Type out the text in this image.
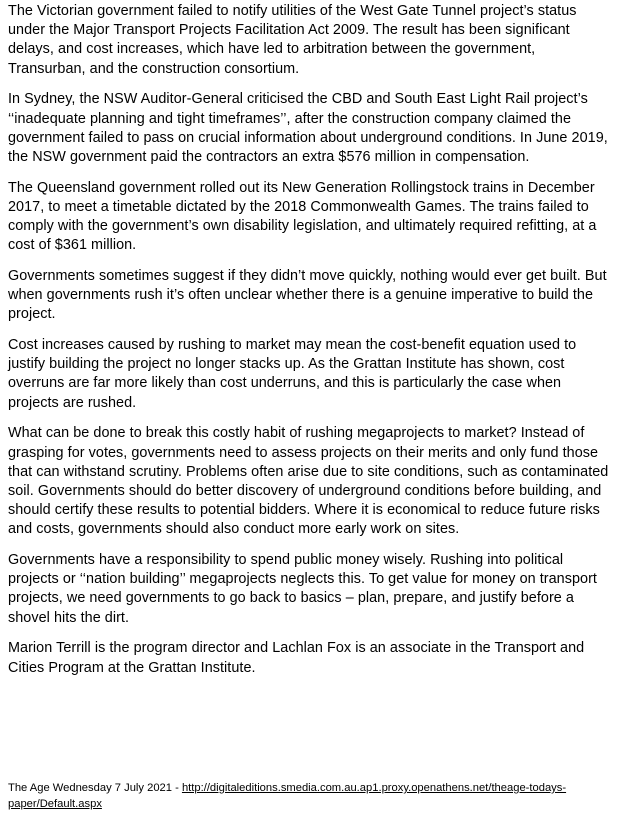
The Victorian government failed to notify utilities of the West Gate Tunnel project’s status under the Major Transport Projects Facilitation Act 2009. The result has been significant delays, and cost increases, which have led to arbitration between the government, Transurban, and the construction consortium.

In Sydney, the NSW Auditor-General criticised the CBD and South East Light Rail project’s ‘‘inadequate planning and tight timeframes’’, after the construction company claimed the government failed to pass on crucial information about underground conditions. In June 2019, the NSW government paid the contractors an extra $576 million in compensation.

The Queensland government rolled out its New Generation Rollingstock trains in December 2017, to meet a timetable dictated by the 2018 Commonwealth Games. The trains failed to comply with the government’s own disability legislation, and ultimately required refitting, at a cost of $361 million.

Governments sometimes suggest if they didn’t move quickly, nothing would ever get built. But when governments rush it’s often unclear whether there is a genuine imperative to build the project.

Cost increases caused by rushing to market may mean the cost-benefit equation used to justify building the project no longer stacks up. As the Grattan Institute has shown, cost overruns are far more likely than cost underruns, and this is particularly the case when projects are rushed.

What can be done to break this costly habit of rushing megaprojects to market? Instead of grasping for votes, governments need to assess projects on their merits and only fund those that can withstand scrutiny. Problems often arise due to site conditions, such as contaminated soil. Governments should do better discovery of underground conditions before building, and should certify these results to potential bidders. Where it is economical to reduce future risks and costs, governments should also conduct more early work on sites.

Governments have a responsibility to spend public money wisely. Rushing into political projects or ‘‘nation building’’ megaprojects neglects this. To get value for money on transport projects, we need governments to go back to basics – plan, prepare, and justify before a shovel hits the dirt.

Marion Terrill is the program director and Lachlan Fox is an associate in the Transport and Cities Program at the Grattan Institute.

The Age Wednesday 7 July 2021 - http://digitaleditions.smedia.com.au.ap1.proxy.openathens.net/theage-todays-paper/Default.aspx
